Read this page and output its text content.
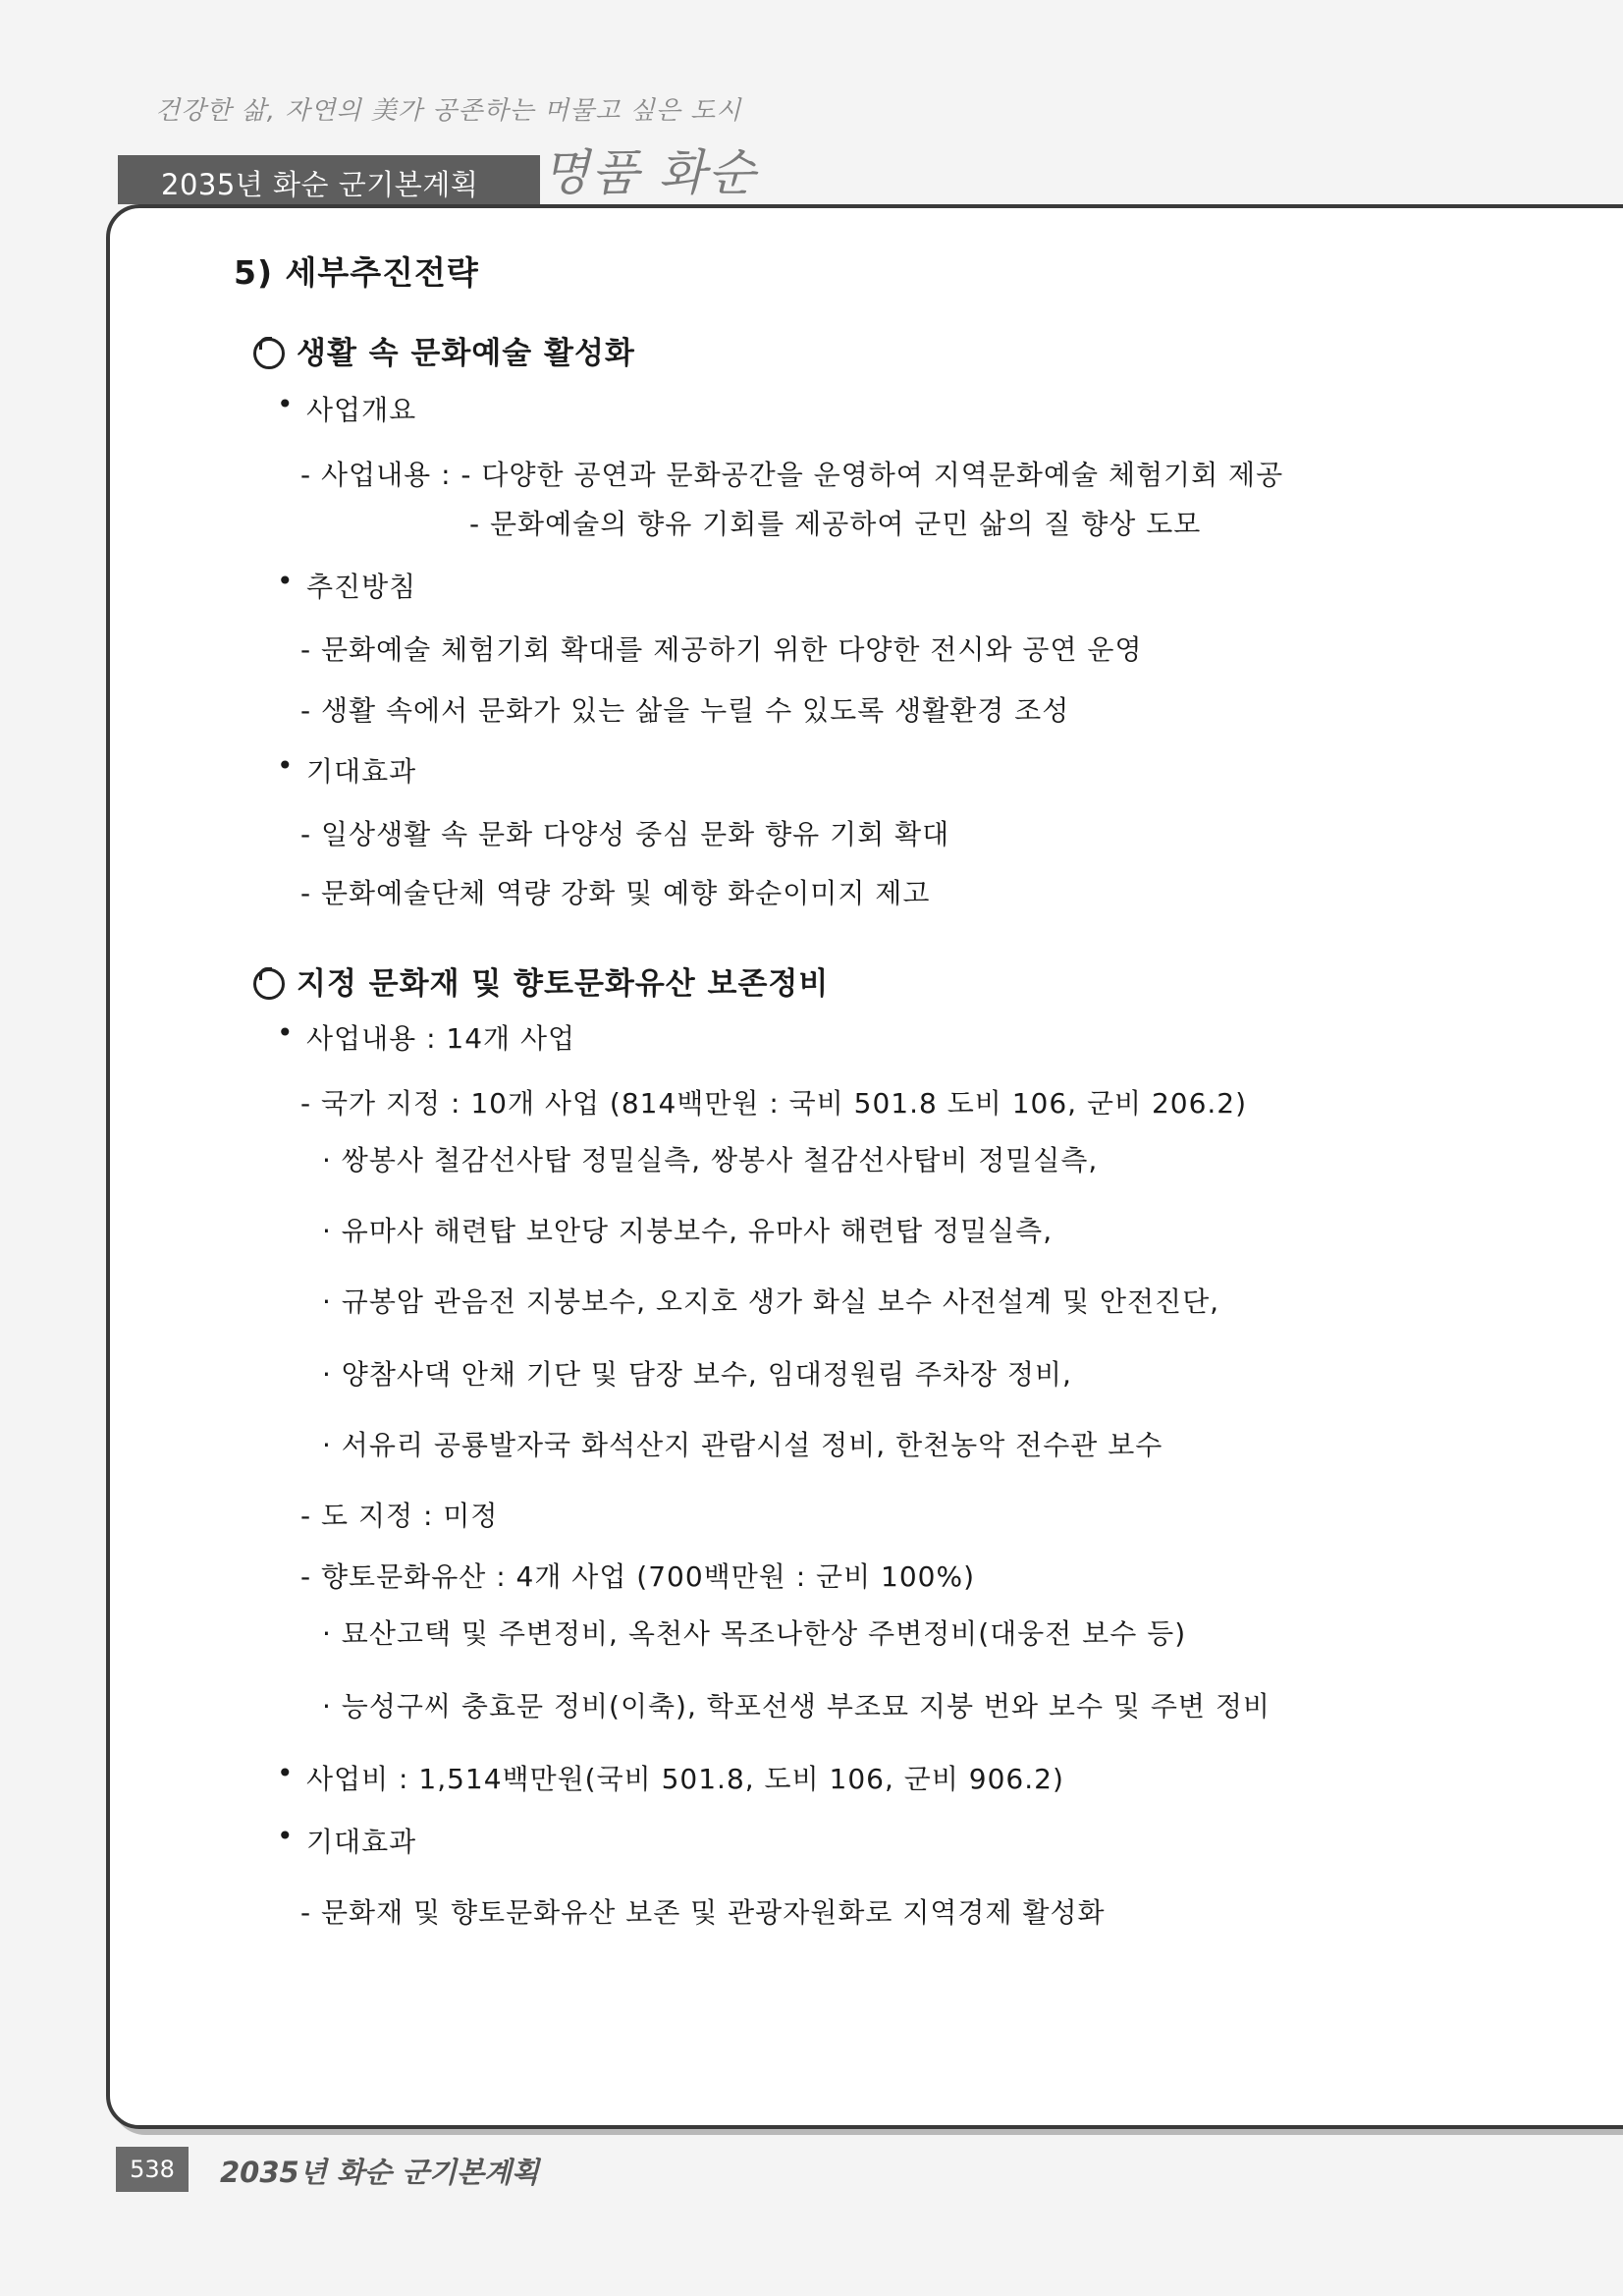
건강한 삶, 자연의 美가 공존하는 머물고 싶은 도시
2035년 화순 군기본계획 명품 화순
5) 세부추진전략
생활 속 문화예술 활성화
• 사업개요
- 사업내용 : - 다양한 공연과 문화공간을 운영하여 지역문화예술 체험기회 제공
- 문화예술의 향유 기회를 제공하여 군민 삶의 질 향상 도모
• 추진방침
- 문화예술 체험기회 확대를 제공하기 위한 다양한 전시와 공연 운영
- 생활 속에서 문화가 있는 삶을 누릴 수 있도록 생활환경 조성
• 기대효과
- 일상생활 속 문화 다양성 중심 문화 향유 기회 확대
- 문화예술단체 역량 강화 및 예향 화순이미지 제고
지정 문화재 및 향토문화유산 보존정비
• 사업내용 : 14개 사업
- 국가 지정 : 10개 사업 (814백만원 : 국비 501.8 도비 106, 군비 206.2)
· 쌍봉사 철감선사탑 정밀실측, 쌍봉사 철감선사탑비 정밀실측,
· 유마사 해련탑 보안당 지붕보수, 유마사 해련탑 정밀실측,
· 규봉암 관음전 지붕보수, 오지호 생가 화실 보수 사전설계 및 안전진단,
· 양참사댁 안채 기단 및 담장 보수, 임대정원림 주차장 정비,
· 서유리 공룡발자국 화석산지 관람시설 정비, 한천농악 전수관 보수
- 도 지정 : 미정
- 향토문화유산 : 4개 사업 (700백만원 : 군비 100%)
· 묘산고택 및 주변정비, 옥천사 목조나한상 주변정비(대웅전 보수 등)
· 능성구씨 충효문 정비(이축), 학포선생 부조묘 지붕 번와 보수 및 주변 정비
• 사업비 : 1,514백만원(국비 501.8, 도비 106, 군비 906.2)
• 기대효과
- 문화재 및 향토문화유산 보존 및 관광자원화로 지역경제 활성화
538	2035년 화순 군기본계획
